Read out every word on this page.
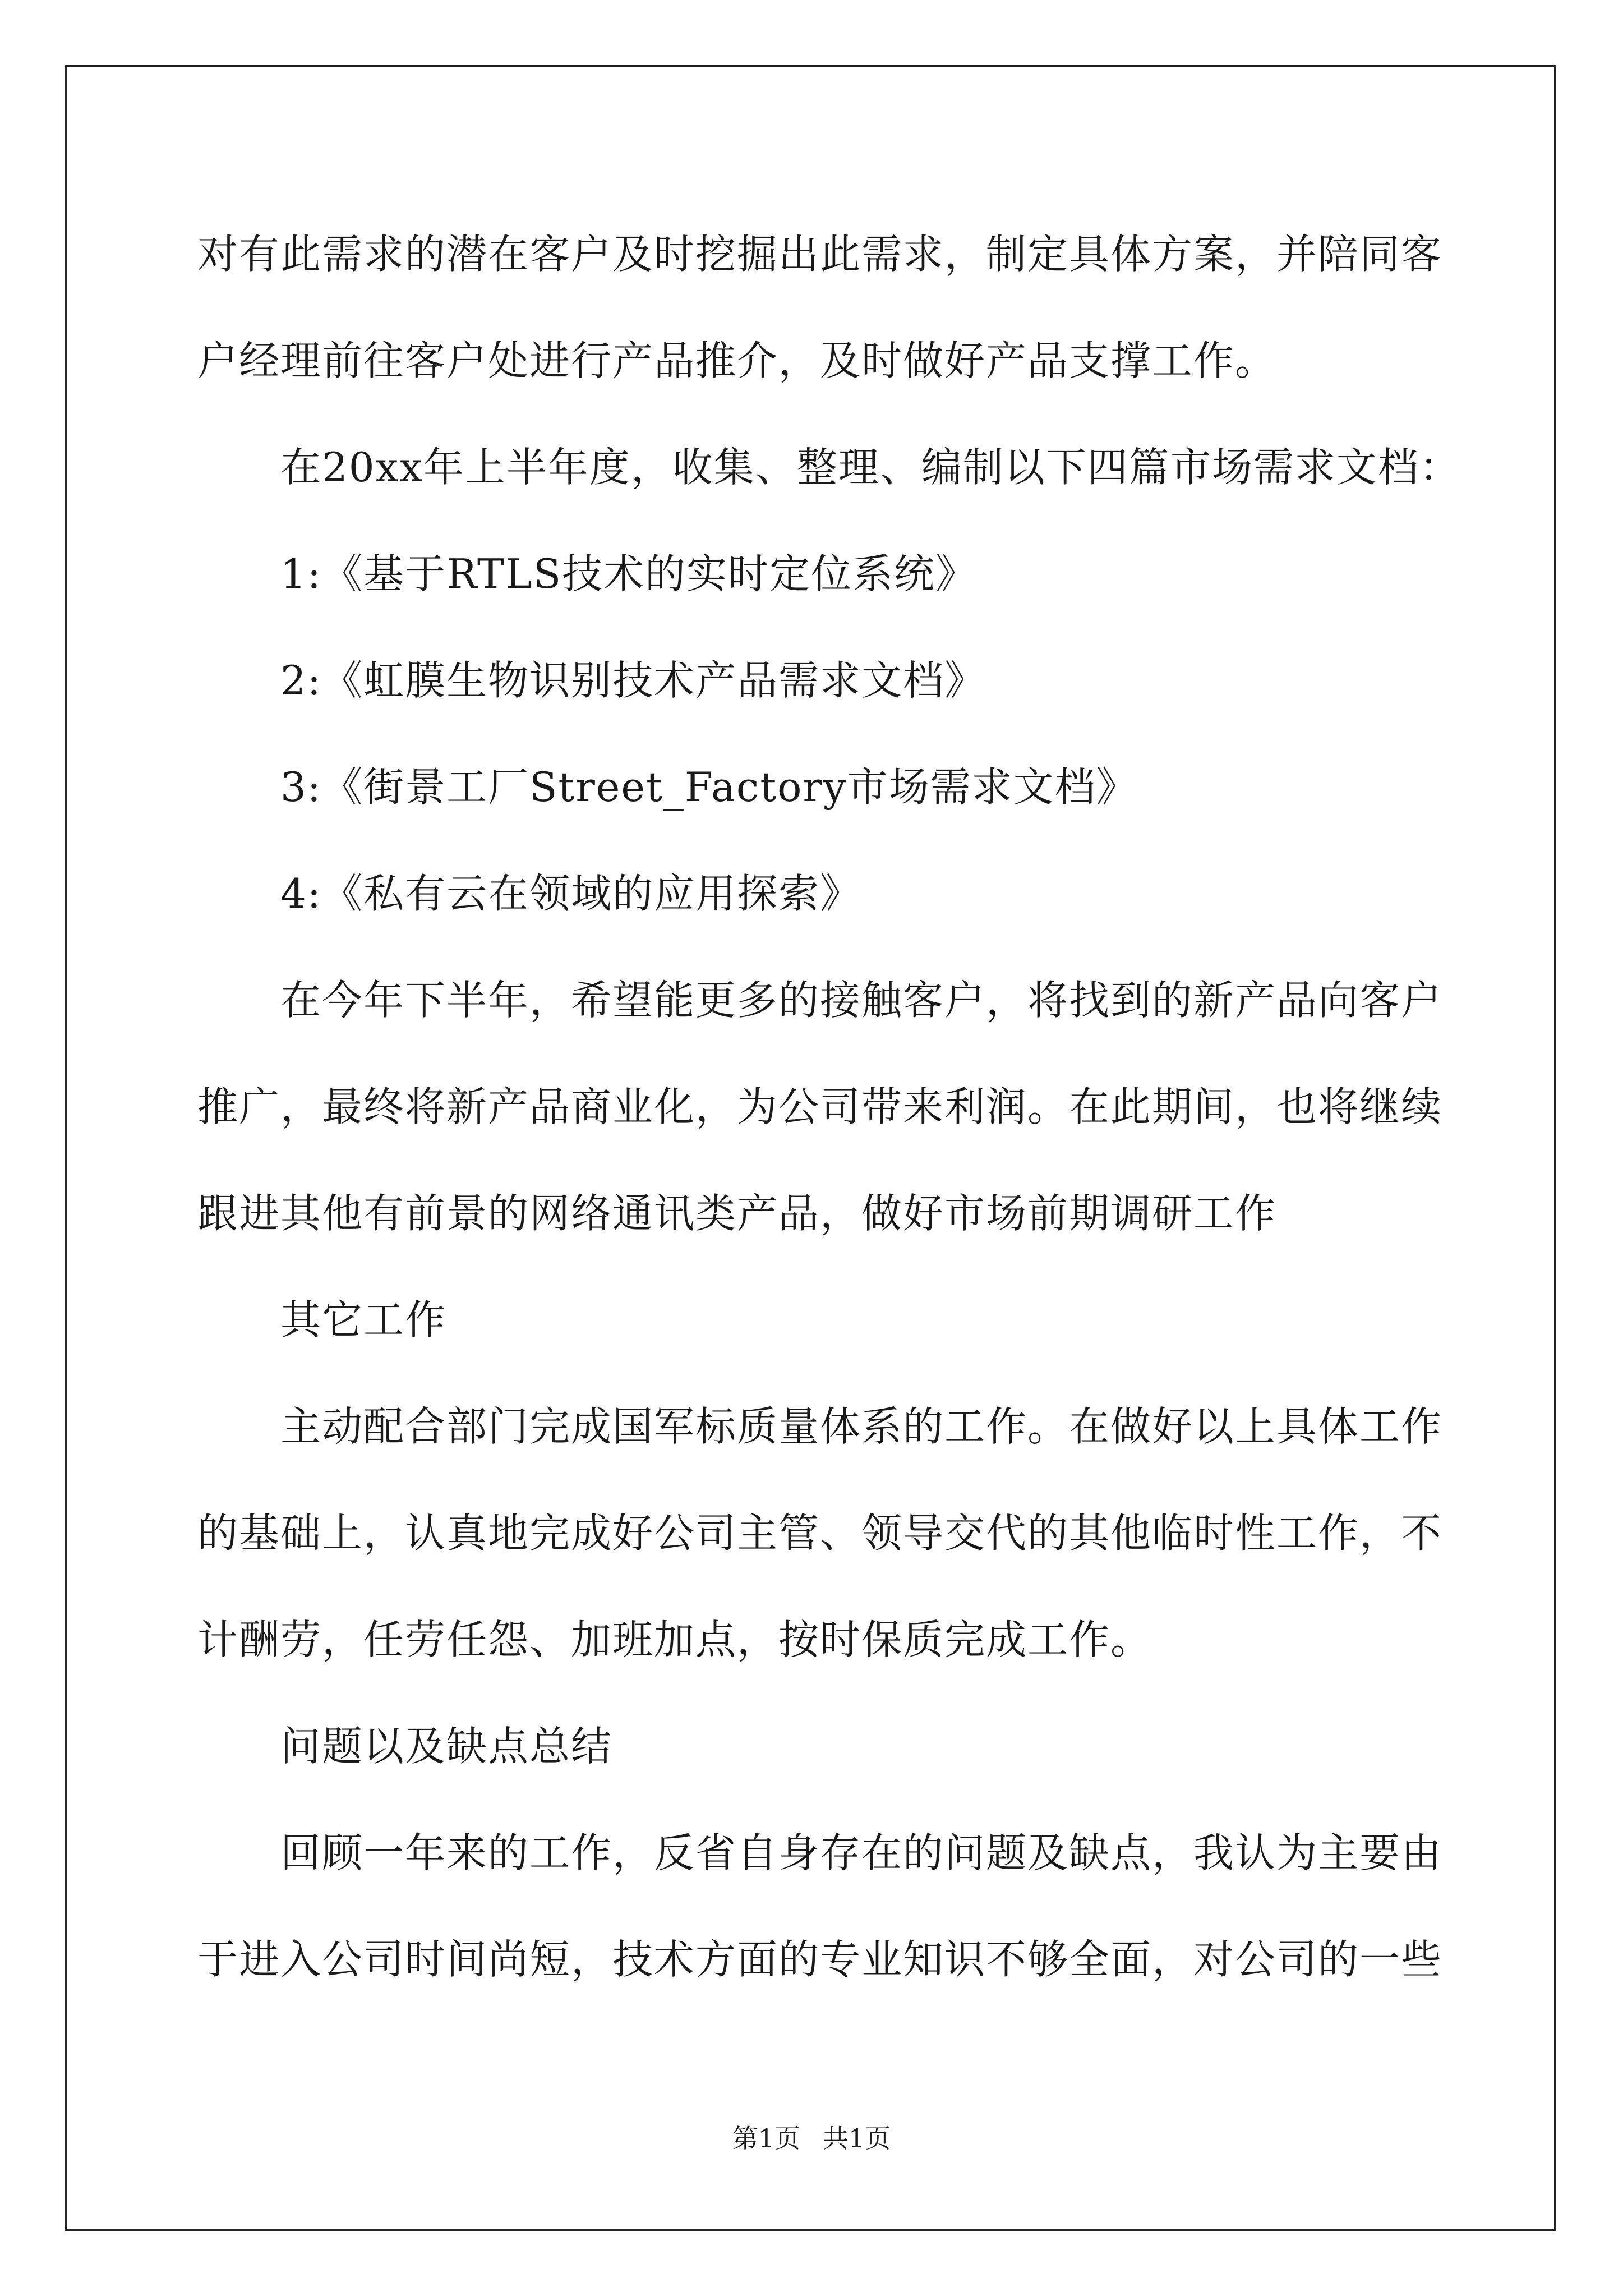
对有此需求的潜在客户及时挖掘出此需求，制定具体方案，并陪同客
户经理前往客户处进行产品推介，及时做好产品支撑工作。
在20xx年上半年度，收集、整理、编制以下四篇市场需求文档：
1:《基于RTLS技术的实时定位系统》
2:《虹膜生物识别技术产品需求文档》
3:《街景工厂Street_Factory市场需求文档》
4:《私有云在领域的应用探索》
在今年下半年，希望能更多的接触客户，将找到的新产品向客户
推广，最终将新产品商业化，为公司带来利润。在此期间，也将继续
跟进其他有前景的网络通讯类产品，做好市场前期调研工作
其它工作
主动配合部门完成国军标质量体系的工作。在做好以上具体工作
的基础上，认真地完成好公司主管、领导交代的其他临时性工作，不
计酬劳，任劳任怨、加班加点，按时保质完成工作。
问题以及缺点总结
回顾一年来的工作，反省自身存在的问题及缺点，我认为主要由
于进入公司时间尚短，技术方面的专业知识不够全面，对公司的一些
第1页 共1页
